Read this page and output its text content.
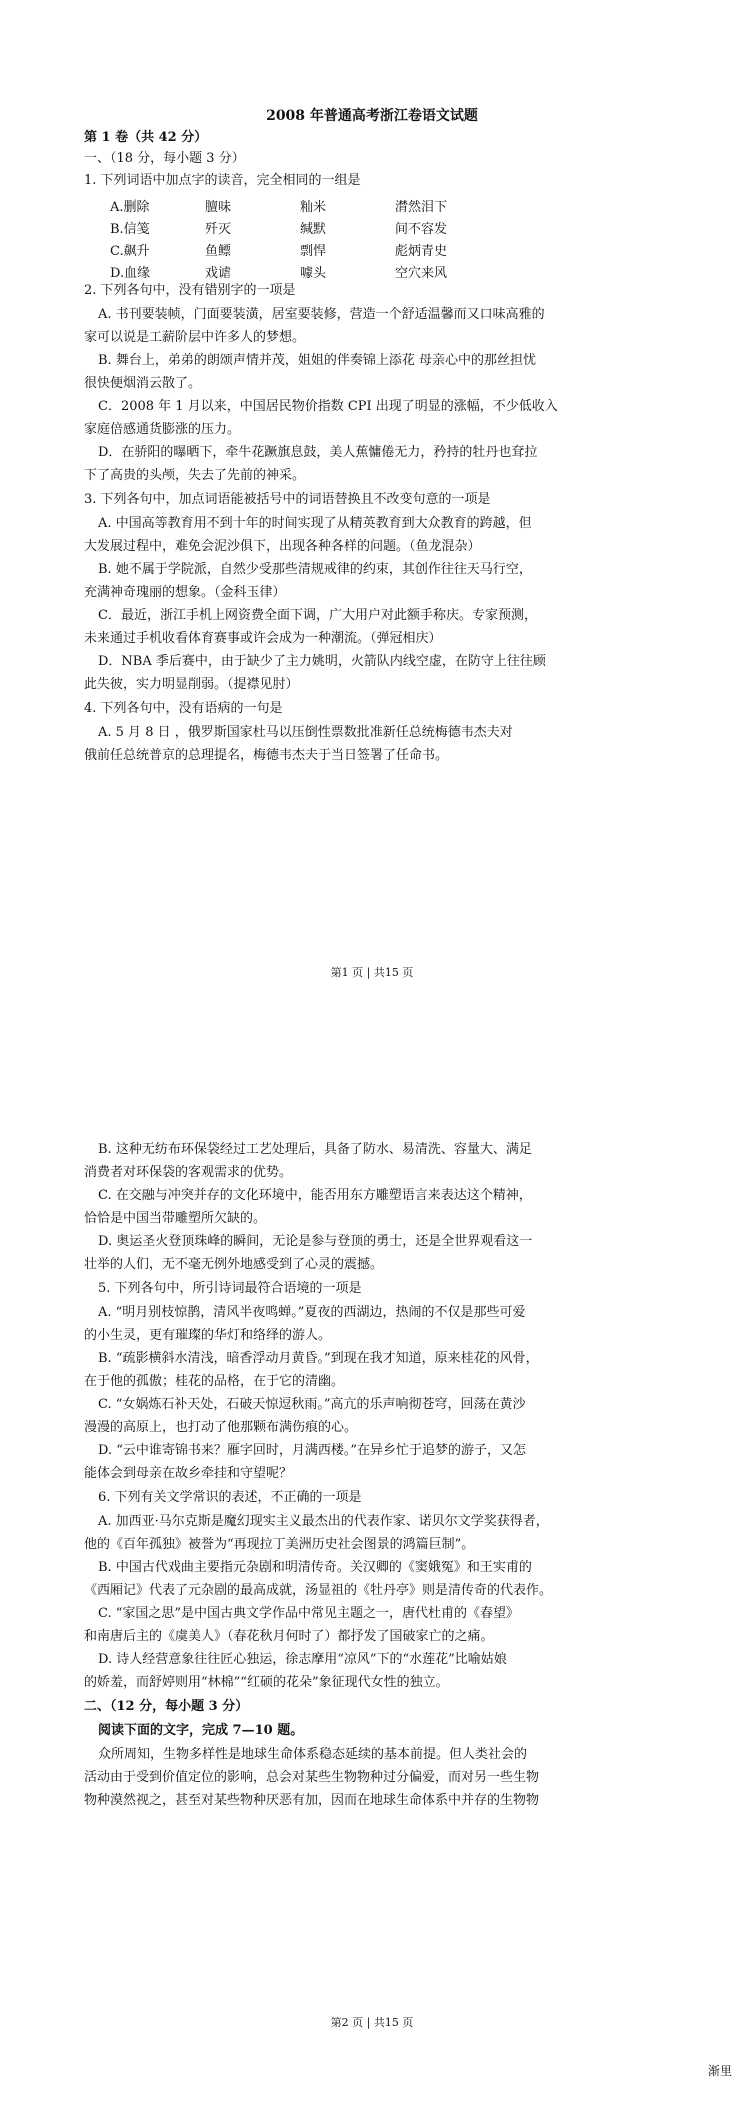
2008 年普通高考浙江卷语文试题
第 1 卷（共 42 分）
一、（18 分，每小题 3 分）
1. 下列词语中加点字的读音，完全相同的一组是
A.删除	膻味	籼米	潸然泪下
B.信笺	歼灭	缄默	间不容发
C.飙升	鱼鳔	剽悍	彪炳青史
D.血缘	戏谑	噱头	空穴来风
2. 下列各句中，没有错别字的一项是
A. 书刊要装帧，门面要装潢，居室要装修，营造一个舒适温馨而又口味高雅的
家可以说是工薪阶层中许多人的梦想。
B. 舞台上，弟弟的朗颂声情并茂，姐姐的伴奏锦上添花 母亲心中的那丝担忧
很快便烟消云散了。
C．2008 年 1 月以来，中国居民物价指数 CPI 出现了明显的涨幅，不少低收入
家庭倍感通货膨涨的压力。
D．在骄阳的曝晒下，牵牛花蹶旗息鼓，美人蕉慵倦无力，矜持的牡丹也耷拉
下了高贵的头颅，失去了先前的神采。
3. 下列各句中，加点词语能被括号中的词语替换且不改变句意的一项是
A. 中国高等教育用不到十年的时间实现了从精英教育到大众教育的跨越，但
大发展过程中，难免会泥沙俱下，出现各种各样的问题。（鱼龙混杂）
B. 她不属于学院派，自然少受那些清规戒律的约束，其创作往往天马行空，
充满神奇瑰丽的想象。（金科玉律）
C．最近，浙江手机上网资费全面下调，广大用户对此额手称庆。专家预测，
未来通过手机收看体育赛事或许会成为一种潮流。（弹冠相庆）
D．NBA 季后赛中，由于缺少了主力姚明，火箭队内线空虚，在防守上往往顾
此失彼，实力明显削弱。（提襟见肘）
4. 下列各句中，没有语病的一句是
A. 5 月 8 日 ，俄罗斯国家杜马以压倒性票数批准新任总统梅德韦杰夫对
俄前任总统普京的总理提名，梅德韦杰夫于当日签署了任命书。
第1 页 | 共15 页
B. 这种无纺布环保袋经过工艺处理后，具备了防水、易清洗、容量大、满足
消费者对环保袋的客观需求的优势。
C. 在交融与冲突并存的文化环境中，能否用东方雕塑语言来表达这个精神，
恰恰是中国当带雕塑所欠缺的。
D. 奥运圣火登顶珠峰的瞬间，无论是参与登顶的勇士，还是全世界观看这一
壮举的人们，无不毫无例外地感受到了心灵的震撼。
5. 下列各句中，所引诗词最符合语境的一项是
A. “明月别枝惊鹊，清风半夜鸣蝉。”夏夜的西湖边，热闹的不仅是那些可爱
的小生灵，更有璀璨的华灯和络绎的游人。
B. “疏影横斜水清浅，暗香浮动月黄昏。”到现在我才知道，原来桂花的风骨，
在于他的孤傲；桂花的品格，在于它的清幽。
C. “女娲炼石补天处，石破天惊逗秋雨。”高亢的乐声响彻苍穹，回荡在黄沙
漫漫的高原上，也打动了他那颗布满伤痕的心。
D. “云中谁寄锦书来？雁字回时，月满西楼。”在异乡忙于追梦的游子，又怎
能体会到母亲在故乡牵挂和守望呢？
6. 下列有关文学常识的表述，不正确的一项是
A. 加西亚·马尔克斯是魔幻现实主义最杰出的代表作家、诺贝尔文学奖获得者，
他的《百年孤独》被誉为“再现拉丁美洲历史社会图景的鸿篇巨制”。
B. 中国古代戏曲主要指元杂剧和明清传奇。关汉卿的《窦娥冤》和王实甫的
《西厢记》代表了元杂剧的最高成就，汤显祖的《牡丹亭》则是清传奇的代表作。
C. “家国之思”是中国古典文学作品中常见主题之一，唐代杜甫的《春望》
和南唐后主的《虞美人》（春花秋月何时了）都抒发了国破家亡的之痛。
D. 诗人经营意象往往匠心独运，徐志摩用“凉风”下的“水莲花”比喻姑娘
的娇羞，而舒婷则用“林棉”“红硕的花朵”象征现代女性的独立。
二、（12 分，每小题 3 分）
阅读下面的文字，完成 7—10 题。
众所周知，生物多样性是地球生命体系稳态延续的基本前提。但人类社会的
活动由于受到价值定位的影响，总会对某些生物物种过分偏爱，而对另一些生物
物种漠然视之，甚至对某些物种厌恶有加，因而在地球生命体系中并存的生物物
第2 页 | 共15 页
渐里
